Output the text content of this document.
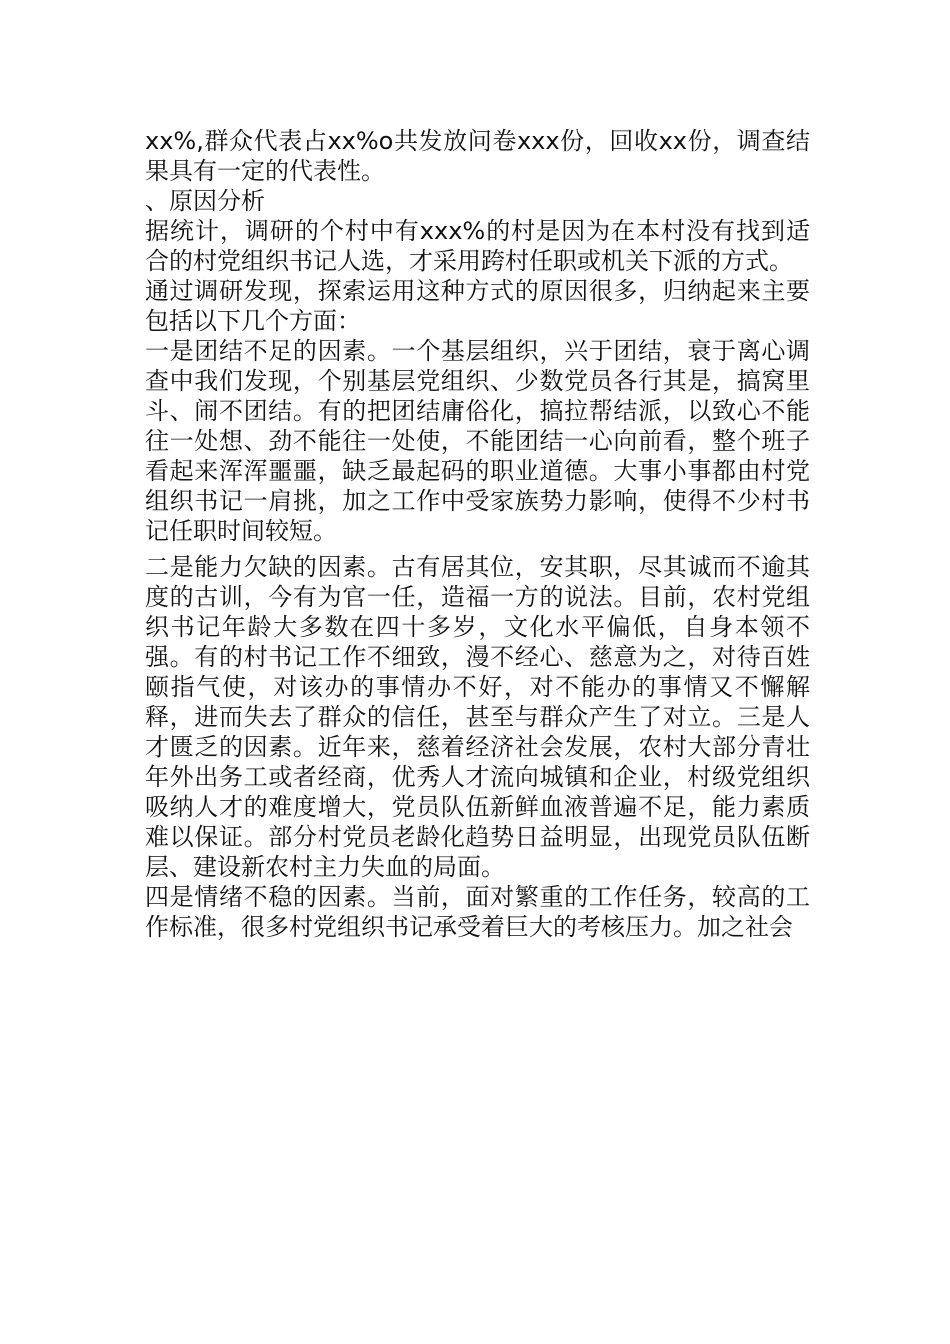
xx%,群众代表占xx%o共发放问卷xxx份，回收xx份，调查结果具有一定的代表性。

、原因分析

据统计，调研的个村中有xxx%的村是因为在本村没有找到适合的村党组织书记人选，才采用跨村任职或机关下派的方式。

通过调研发现，探索运用这种方式的原因很多，归纳起来主要包括以下几个方面：

一是团结不足的因素。一个基层组织，兴于团结，衰于离心调查中我们发现，个别基层党组织、少数党员各行其是，搞窝里斗、闹不团结。有的把团结庸俗化，搞拉帮结派，以致心不能往一处想、劲不能往一处使，不能团结一心向前看，整个班子看起来浑浑噩噩，缺乏最起码的职业道德。大事小事都由村党组织书记一肩挑，加之工作中受家族势力影响，使得不少村书记任职时间较短。

二是能力欠缺的因素。古有居其位，安其职，尽其诚而不逾其度的古训，今有为官一任，造福一方的说法。目前，农村党组织书记年龄大多数在四十多岁，文化水平偏低，自身本领不强。有的村书记工作不细致，漫不经心、慈意为之，对待百姓颐指气使，对该办的事情办不好，对不能办的事情又不懈解释，进而失去了群众的信任，甚至与群众产生了对立。三是人才匮乏的因素。近年来，慈着经济社会发展，农村大部分青壮年外出务工或者经商，优秀人才流向城镇和企业，村级党组织吸纳人才的难度增大，党员队伍新鲜血液普遍不足，能力素质难以保证。部分村党员老龄化趋势日益明显，出现党员队伍断层、建设新农村主力失血的局面。

四是情绪不稳的因素。当前，面对繁重的工作任务，较高的工作标准，很多村党组织书记承受着巨大的考核压力。加之社会
